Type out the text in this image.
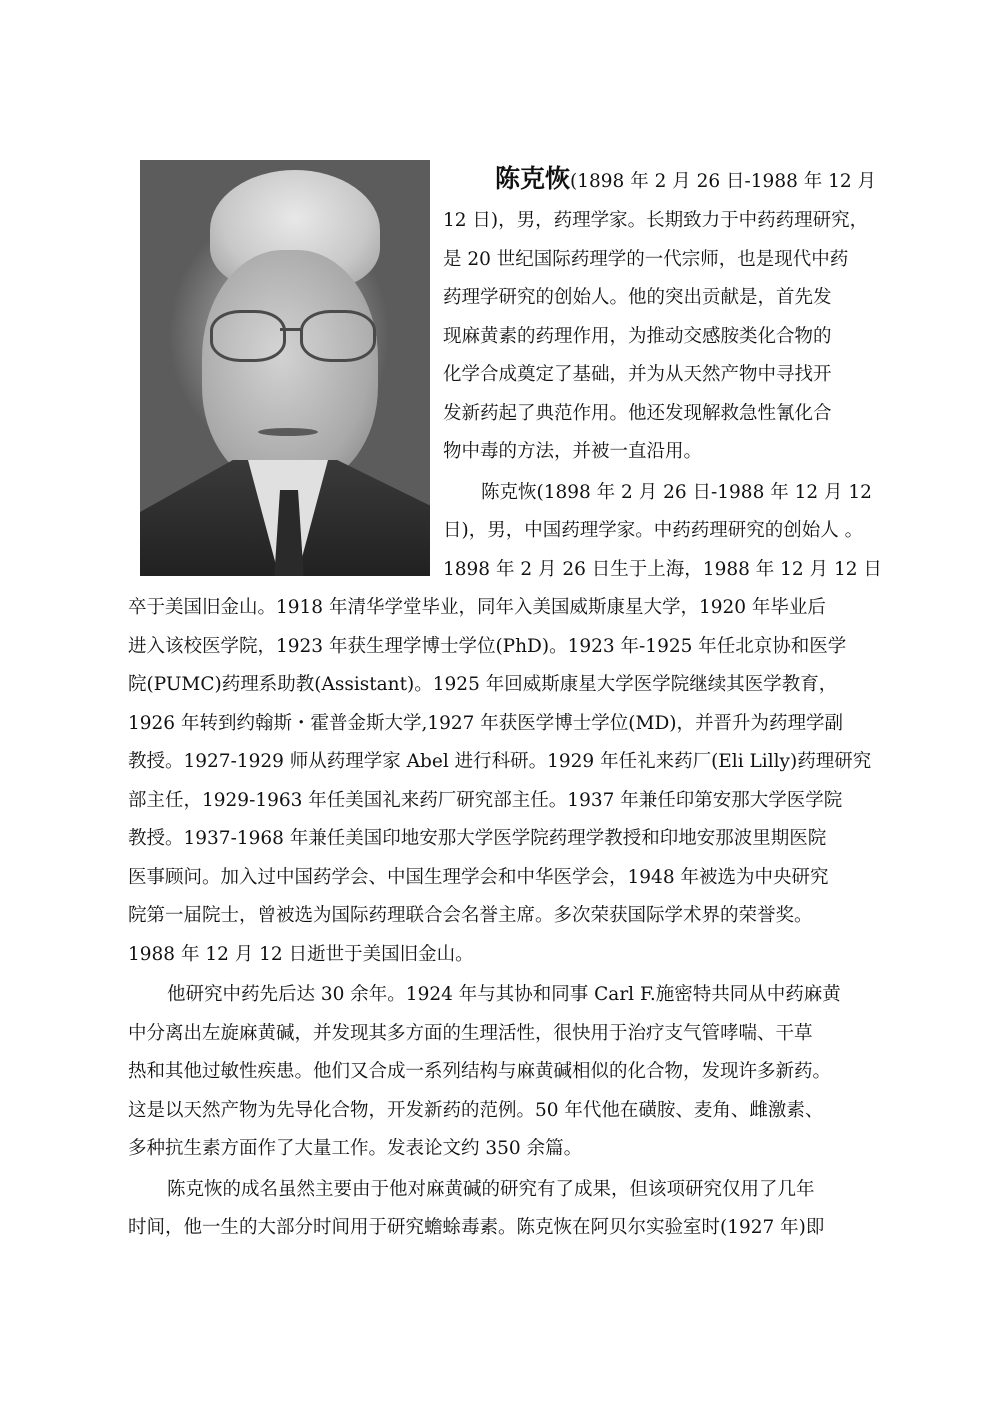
陈克恢(1898 年 2 月 26 日-1988 年 12 月
12 日)，男，药理学家。长期致力于中药药理研究，
是 20 世纪国际药理学的一代宗师，也是现代中药
药理学研究的创始人。他的突出贡献是，首先发
现麻黄素的药理作用，为推动交感胺类化合物的
化学合成奠定了基础，并为从天然产物中寻找开
发新药起了典范作用。他还发现解救急性氰化合
物中毒的方法，并被一直沿用。
陈克恢(1898 年 2 月 26 日-1988 年 12 月 12
日)，男，中国药理学家。中药药理研究的创始人 。
1898 年 2 月 26 日生于上海，1988 年 12 月 12 日
卒于美国旧金山。1918 年清华学堂毕业，同年入美国威斯康星大学，1920 年毕业后
进入该校医学院，1923 年获生理学博士学位(PhD)。1923 年-1925 年任北京协和医学
院(PUMC)药理系助教(Assistant)。1925 年回威斯康星大学医学院继续其医学教育，
1926 年转到约翰斯・霍普金斯大学,1927 年获医学博士学位(MD)，并晋升为药理学副
教授。1927-1929 师从药理学家 Abel 进行科研。1929 年任礼来药厂(Eli Lilly)药理研究
部主任，1929-1963 年任美国礼来药厂研究部主任。1937 年兼任印第安那大学医学院
教授。1937-1968 年兼任美国印地安那大学医学院药理学教授和印地安那波里期医院
医事顾问。加入过中国药学会、中国生理学会和中华医学会，1948 年被选为中央研究
院第一届院士，曾被选为国际药理联合会名誉主席。多次荣获国际学术界的荣誉奖。
1988 年 12 月 12 日逝世于美国旧金山。
他研究中药先后达 30 余年。1924 年与其协和同事 Carl F.施密特共同从中药麻黄
中分离出左旋麻黄碱，并发现其多方面的生理活性，很快用于治疗支气管哮喘、干草
热和其他过敏性疾患。他们又合成一系列结构与麻黄碱相似的化合物，发现许多新药。
这是以天然产物为先导化合物，开发新药的范例。50 年代他在磺胺、麦角、雌激素、
多种抗生素方面作了大量工作。发表论文约 350 余篇。
陈克恢的成名虽然主要由于他对麻黄碱的研究有了成果，但该项研究仅用了几年
时间，他一生的大部分时间用于研究蟾蜍毒素。陈克恢在阿贝尔实验室时(1927 年)即
